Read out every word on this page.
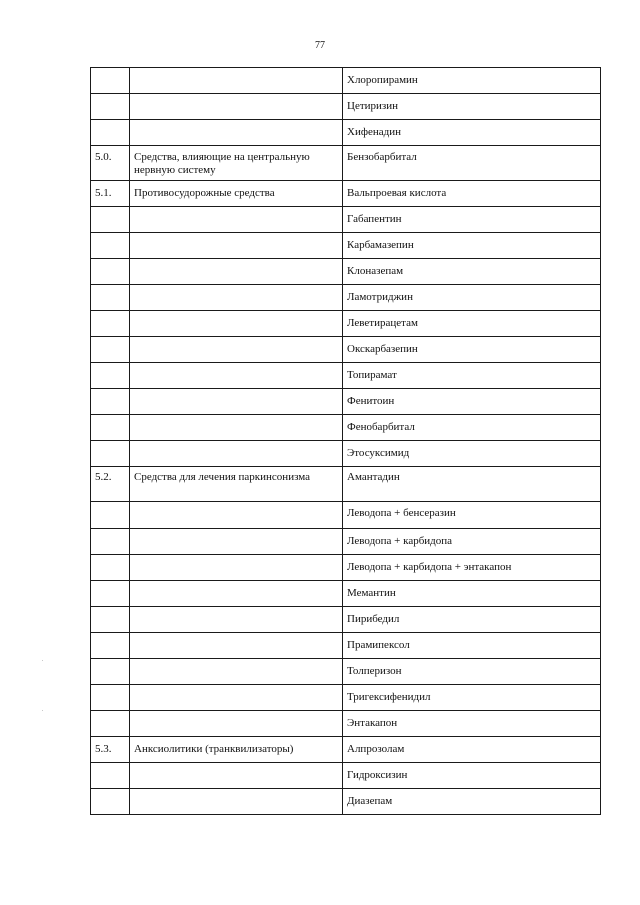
77
		Хлоропирамин
		Цетиризин
		Хифенадин
5.0.	Средства, влияющие на центральную нервную систему	Бензобарбитал
5.1.	Противосудорожные средства	Вальпроевая кислота
		Габапентин
		Карбамазепин
		Клоназепам
		Ламотриджин
		Леветирацетам
		Окскарбазепин
		Топирамат
		Фенитоин
		Фенобарбитал
		Этосуксимид
5.2.	Средства для лечения паркинсонизма	Амантадин
		Леводопа + бенсеразин
		Леводопа + карбидопа
		Леводопа + карбидопа + энтакапон
		Мемантин
		Пирибедил
		Прамипексол
		Толперизон
		Тригексифенидил
		Энтакапон
5.3.	Анксиолитики (транквилизаторы)	Алпрозолам
		Гидроксизин
		Диазепам
